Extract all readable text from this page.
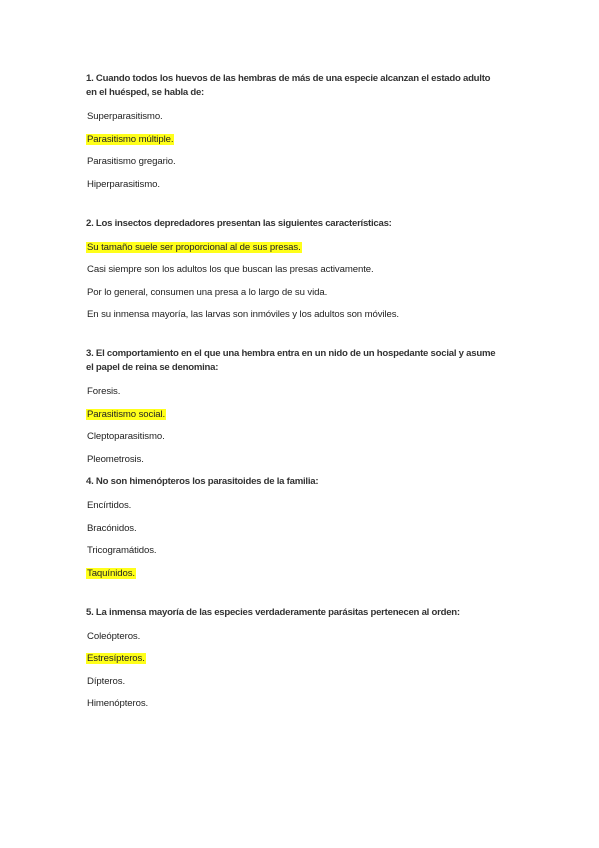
1. Cuando todos los huevos de las hembras de más de una especie alcanzan el estado adulto en el huésped, se habla de:
Superparasitismo.
Parasitismo múltiple.
Parasitismo gregario.
Hiperparasitismo.
2. Los insectos depredadores presentan las siguientes características:
Su tamaño suele ser proporcional al de sus presas.
Casi siempre son los adultos los que buscan las presas activamente.
Por lo general, consumen una presa a lo largo de su vida.
En su inmensa mayoría, las larvas son inmóviles y los adultos son móviles.
3. El comportamiento en el que una hembra entra en un nido de un hospedante social y asume el papel de reina se denomina:
Foresis.
Parasitismo social.
Cleptoparasitismo.
Pleometrosis.
4. No son himenópteros los parasitoides de la familia:
Encírtidos.
Bracónidos.
Tricogramátidos.
Taquínidos.
5. La inmensa mayoría de las especies verdaderamente parásitas pertenecen al orden:
Coleópteros.
Estresípteros.
Dípteros.
Himenópteros.
